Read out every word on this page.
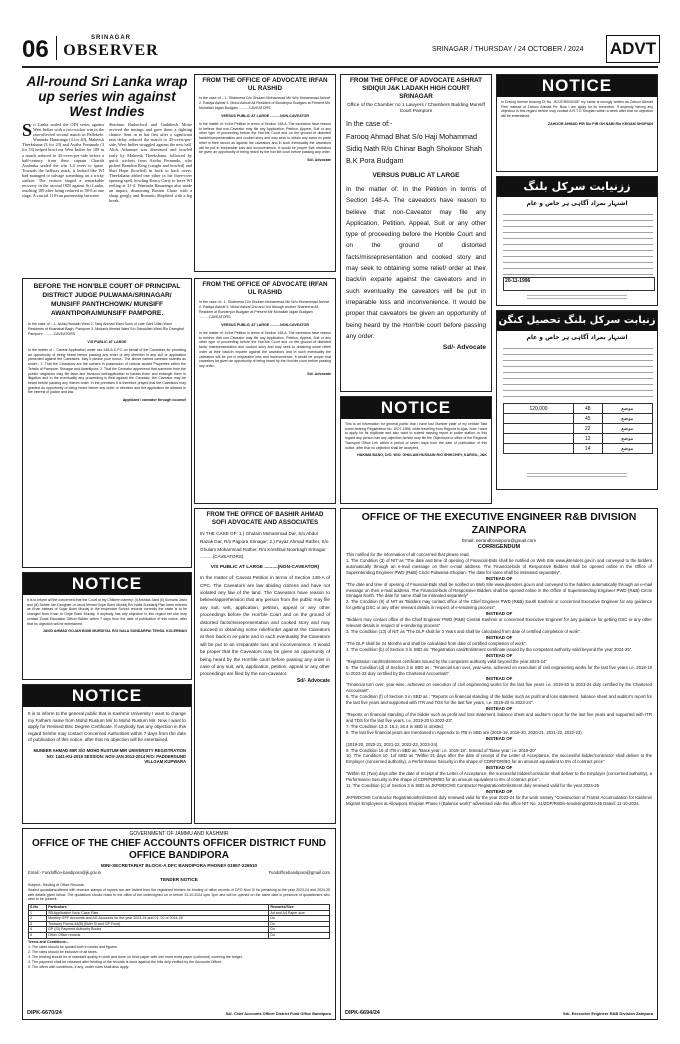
06	SRINAGAR
OBSERVER	SRINAGAR / THURSDAY / 24 OCTOBER / 2024 ADVT
All-round Sri Lanka wrap up series win against West Indies
S ri Lanka sealed the ODI series against West Indies with a two-wicket win in the rain-affected second match in Pallekele. Wanindu Hasaranga (4 for 40), Maheesh Theekshana (3 for 23) and Asitha Fernando (3 for 33) helped bowl out West Indies for 189 in a match reduced to 45-overs-per-side before a half-century from their captain Charith Asalanka sealed the win 3.4 overs to spare. Towards the halfway mark, it looked like WI had managed to salvage something on a tricky surface. The visitors staged a remarkable recovery in the second ODI against Sri Lanka, reaching 189 after being reduced to 58-6 at one stage. A crucial 118-run partnership between
Sherfane Rutherford and Gudakesh Motie revived the innings and gave them a fighting chance. Sent in to bat first after a significant rain delay reduced the match to 45-overs-per-side, West Indies struggled against the new ball. Alick Athanaze was dismissed and bowled early by Maheesh Theekshana, followed by quick wickets from Asitha Fernando, who picked Brandon King (caught and bowled) and Shai Hope (bowled) in back to back overs. Theekshana added one other in his three-over opening spell, bowling Keacy Carty to leave WI reeling at 31-4. Wanindu Hasaranga also made an impact, dismissing Roston Chase with a sharp googly and Romario Shepherd with a leg break.
FROM THE OFFICE OF ADVOCATE IRFAN UL RASHID
In the case of :- 1. Shaheena D/o Ghulam Mohammad Mir W/o Mohammad Ashraf 2. Rabiya Ashraf 3. Mohd Ashraf All Resident of Bunderpur Budgam at Present Mir Mohallah Idgah Budgam ..........CAVEATORS
VERSUS PUBLIC AT LARGE ..........NON-CAVEATOR
In the matter of: In the Petition in terms of Section 148-A. The caveators have reason to believe that non-Caveator may file any Application, Petition, Appeal, Suit or any other type of proceeding before the Hon'ble Court and on the ground of distorted facts/misrepresentation and cooked story and may seek to obtain any some ex parte relief in their favour as against the caveators and in such eventuality the caveators will be put in irreparable loss and inconvenience. It would be proper that caveators be given an opportunity of being heard by the hon'ble court before passing any order.
Sd/- Advocate
FROM THE OFFICE OF ADVOCATE ASHRAT SIDIQUI J&K LADAKH HIGH COURT SRINAGAR
Office of the Chamber no 1 Lawyers / Chambers Building Munsiff Court Pampore
In the case of:-
Farooq Ahmad Bhat S/o Haji Mohammad Sidiq Nath R/o Chinar Bagh Shokoor Shah B.K Pora Budgam
VERSUS PUBLIC AT LARGE
In the matter of: In the Petition in terms of Section 148-A. The caveators have reason to believe that non-Caveator may file any Application, Petition, Appeal, Suit or any other type of proceeding before the Honble Court and on the ground of distorted facts/misrepresentation and cooked story and may seek to obtaining some relief/ order at their back/in exparte against the caveators and in such eventuality the caveators will be put in irreparable loss and inconvenience. It would be proper that caveators be given an opportunity of being heard by the Hon'ble court before passing any order.
Sd/- Advocate
NOTICE
In Driving license bearing DI No. JK22DR0000387 my name is wrongly written as Zahoor Ahmad Peer instead of Zahoor Ahmad Pir. Now I am apply for its correction. If anybody having any objection in this regard he/she may contact A.R.T.O Shopian within a week after that no objection will be entertained.
ZAHOOR AHMAD PIR S/o PIR GH NABI R/o KEGAM SHOPIAN
ززنیابت سرکل بلنگ
اشتہار بمراد آگاہی ہر خاص و عام
20-11-1996
زنیابت سرکل بلنگ تحصیل کنگن
اشتہار بمراد آگاہی ہر خاص و عام
120,000	48	موضع
	45	موضع
	22	موضع
	12	موضع
	14	موضع
BEFORE THE HON'BLE COURT OF PRINCIPAL DISTRICT JUDGE PULWAMA/SRINAGAR/ MUNSIFF PANTHCHOWK/ MUNSIFF AWANTIPORA/MUNSIFF PAMPORE.
In the case of :- 1. Ashiq Hussain Wani 2. Tariq Ahmad Wani Sons of Late Gani Ullah Wani Residents of Khanabal Bagh, Pampore 3. Mudasir Ahmad Wani S/o Sanaullah Wani R/o Drangbal Pampore ..........CAVEATORS
V/S PUBLIC AT LARGE
In the matter of :- Caveat Application under sec-148-A C.P.C on behalf of the Caveators for providing an opportunity of being heard before passing any order or any direction in any suit or application presented against the Caveators. May it please your honor:- The above named caveator submits as under:- 1. That the Caveators are the owners in possession of various landed Properties within the Tehsils of Pampore, Srinagar and Awantipora. 2. That the Caveator apprehend that someone from the public/ neighbors may file false and frivolous suit/application to harass them and entangle them in litigation and in the eventuality any proceeding is filed against the Caveator, the Caveator may be heard before passing any interim order. In the premises it is therefore prayed that the Caveators may granted an opportunity of being heard before any order or direction and the application be allowed in the interest of justice and law.
Applicant / caveator through counsel
FROM THE OFFICE OF ADVOCATE IRFAN UL RASHID
In the case of:- 1. Shaheena D/o Ghulam Mohammad Mir W/o Mohammad Ashraf 2. Rabiya Ashraf 3. Mohd Ashraf 2nd and 3rd through mother Shaheena All Resident of Bunderpur Budgam at Present Mir Mohallah Idgah Budgam ..........CAVEATORS
VERSUS PUBLIC AT LARGE ..........NON-CAVEATOR
In the matter of: In the Petition in terms of Section 148-A. The caveators have reason to believe that non-Caveator may file any Application, Petition, Appeal, Suit or any other type of proceeding before the Hon'ble Court and on the ground of distorted facts/ misrepresentation and cooked story and may seek to obtaining some relief/ order at their back/in exparte against the caveators and in such eventuality the caveators will be put in irreparable loss and inconvenience. It would be proper that caveators be given an opportunity of being heard by the Hon'ble court before passing any order.
Sd/- Advocate
NOTICE
This is an information for general public that I have lost Number plate of my vehicle Tata sumo bearing Registration No. JK07-1896, while traveling from Rajpora to Ajas. Now I want to apply for its duplicate and also want to submit missing report in police station, in this regard any person has any objection he/she may file the Objections in office of the Regional Transport Office Leh within a period of seven days from the date of publication of this notice, after that no objection shall be accepted.
HAKIMA BANO, D/O. W/O. GHULAM HUSSAIN R/O SHIKCHEY, KARGIL, J&K
FROM THE OFFICE OF BASHIR AHMAD SOFI ADVOCATE AND ASSOCIATES
IN THE CASE OF: 1.) Ghulam Mohammad Dar, S/o Abdul Razak Dar, R/o Pajpora Srinagar; 2.) Fayaz Ahmad Rather, S/o Ghulam Mohammad Rather, R/o Kreshbal Noorbagh Srinagar ..........(CAVEATORS)
V/S PUBLIC AT LARGE ..........(NON-CAVEATOR)
In the matter of: Caveat Petition in terms of Section 148-A of CPC. The Caveators are law abiding citizens and have not violated any law of the land. The Caveators have reason to believe/apprehension that any person from the public may file any suit, writ, application, petition, appeal or any other proceedings before the Hon'ble Court and on the ground of distorted facts/misrepresentation and cooked story and may succeed in obtaining some relief/order against the Caveators at their back in ex-parte and in such eventuality the Caveators will be put to an irreparable loss and inconvenience. It would be proper that the Caveators may be given an opportunity of being heard by the Hon'ble court before passing any order in case of any suit, writ, application, petition, appeal or any other proceedings are filed by the non-caveator.
Sd/- Advocate
OFFICE OF THE EXECUTIVE ENGINEER R&B DIVISION ZAINPORA
Email: eerandbzainpora@gmail.com
CORRIGENDUM
This notified for the information of all concerned that please read.
1. The Condition (3) of NIT as "The date and time of opening of Financial-Bids shall be notified on Web Site www.jktenders.gov.in and conveyed to the bidders automatically through an e-mail message on their e-mail address. The Financial-bids of Responsive Bidders shall be opened online in the Office of Superintending Engineer PWD (R&B) Circle Pulwama-Shopian. The date for same shall be intimated separately".
INSTEAD OF
"The date and time of opening of Financial-Bids shall be notified on Web Site www.jktenders.gov.in and conveyed to the bidders automatically through an e-mail message on their e-mail address. The Financial-bids of Responsive Bidders shall be opened online in the Office of Superintending Engineer PWD (R&B) Circle Srinagar North. The date for same shall be intimated separately"
2. The Condition (9) of NIT as "Bidders may contact office of the Chief Engineer PWD (R&B) South Kashmir or concerned Executive Engineer for any guidance for getting DSC or any other relevant details in respect of e-tendering process"
INSTEAD OF
"Bidders may contact office of the Chief Engineer PWD (R&B) Central Kashmir or concerned Executive Engineer for any guidance for getting DSC or any other relevant details in respect of e-tendering process"
3. The Condition (13) of NIT as "The DLP shall be 3 Years and shall be calculated from date of certified completion of work".
INSTEAD OF
"The DLP shall be 24 Months and shall be calculated from date of certified completion of work".
4. The Condition (b) of Section 3 in SBD as: "Registration card/Enlistment certificate issued by the competent authority valid beyond the year 2024-25".
INSTEAD OF
"Registration card/Enlistment certificate issued by the competent authority valid beyond the year 2023-24"
5. The Condition (d) of Section 3 in SBD as : "Financial turn over, year-wise, achieved on execution of civil engineering works for the last five years i.e. 2018-19 to 2022-23 duly certified by the Chartered Accountant".
INSTEAD OF
"Financial turn over, year-wise, achieved on execution of civil engineering works for the last five years i.e. 2019-20 to 2023-24 duly certified by the Chartered Accountant".
6. The Condition (f) of Section 3 in SBD as : "Reports on financial standing of the bidder such as profit and loss statement, balance sheet and auditor's report for the last five years and supported with ITR and TDS for the last five years, I.e. 2019-20 to 2023-24".
INSTEAD OF
"Reports on financial standing of the bidder such as profit and loss statement, balance sheet and auditor's report for the last five years and supported with ITR and TDS for the last five years, I.e. 2019-20 to 2022-23".
7. The Condition 13.3, 16.2, 26.4 in SBD is omitted.
8. The last five financial years are mentioned in Appendix to ITB in SBD are (2018-19, 2019-20, 2020-21, 2021-22, 2022-23)
INSTEAD OF
(2019-20, 2020-21, 2021-22, 2022-23, 2023-24).
9. The Condition 16 of ITB in SBD as: "Base year: i.e. 2018-19". Instead of "Base year: i.e. 2019-20"
10. The Condition 10. 1of SBD as "Within 21 days after the date of receipt of the Letter of Acceptance, the successful bidder/contractor shall deliver to the Employer (concerned authority), a Performance Security in the shape of CDR/FDR/BG for an amount equivalent to 5% of contract price"
INSTEAD OF
"Within 02 (Two) days after the date of receipt of the Letter of Acceptance, the successful bidder/contractor shall deliver to the Employer (concerned authority), a Performance Security in the shape of CDR/FDR/BG for an amount equivalent to 5% of contract price".
11. The Condition (c) of Section 3 in SBD as JKPWDCMS Contractor Registration/Enlistment duly renewed valid for the year 2024-25
INSTEAD OF
JKPWDCMS Contractor Registration/Enlistment duly renewed valid for the year 2023-24 for the work namely "Construction of Transit Accomodation for Kashmiri Migrant Employees at Allowpora Shopian Phase I (Balance work)" advertised vide this office NIT No. 21/ZDP/RnB/e-tendering/2024-25 Dated: 11-10-2024.
DIPK-6694/24	Sd/- Executive Engineer R&B Division Zainpora
NOTICE
It is to inform all the concerned that the Court of my Children namely: (i) Arshida Jand (ii) Sumaira Javid and (iii) Sahee Jan Daughter of Javid Ahmad Gojar Bomi Murdaj R/o Nalla Sundaraj Plan been entered as Khan instead of Gojar Bomi Murdaj in the respective School records correctly the caste is to be changed from Khan to Gojar Bomi Murdaj. If anybody has any objection in this regard he/ she may contact Zonal Education Officer Bidder within 7 days from the date of publication of this notice, after that no objection will be entertained.
JAVID AHMAD GOJAR BOMI MURDIYAL R/O NALA SUNDARPAI TEHSIL KOLERMAG
NOTICE
It is to inform to the general public that in Kashmir University I want to change my Fathers name from Mohd Rustum Mir to Mohd Rustum Mir. Now I want to apply for Revised BSc Degree Certificate. If anybody has any objection in this regard he/she may contact Concerned Authorities within 7 days from the date of publication of this notice, after that no objection will be entertained.
MUNEER AHMAD MIR S/O MOHD RUSTUM MIR UNIVERSITY REGISTRATION NO: 1441-KU-2019 SESSION: NOV-JAN 2013-2014 R/O: PADDERGUND VILLGAM KUPWARA
GOVERNMENT OF JAMMU AND KASHMIR
OFFICE OF THE CHIEF ACCOUNTS OFFICER DISTRICT FUND OFFICE BANDIPORA
MINI-SECRETARIAT BLOCK-A DFC BANDIPORA PHONE# 01957-226510
Email:- Fundoffice-bandipora@jk.gov.in	Fundofficebandipora@gmail.com
TENDER NOTICE
Subject:- Binding of Office Records.
Sealed quotations/offered with revenue stamps of rupees two are invited from the registered binders for binding of office records of DFO Nos/ 0/ for pertaining to the year 2023-24 and 2024-25 with details given below. The quotations should reach to the office of the undersigned on or before 31-10-2024 upto 2pm and will be opened on the same date in presence of quotationers who wish to be present.
S.No	Particulars	Remarks/Size
1	SB Application No's/ Case Files	Ad and A4 Paper size
2	Monthly GPF Accounts and AG Accounts for the year 2023-24 and 01, 02 of 2024-25	Do
3	Treasury Forms 44(B) (Both Si and GP Fund)	Do
4	GP (SI) Payment Authority Books	Do
5	Other Office records	Do
Terms and Conditions:-
1. The rates should be quoted both in words and figures.
2. The rates should be inclusive of all taxes.
3. The binding should be of standard quality in cloth and done on thick paper with one more extra paper (colloured) covering the ledger.
4. The payment shall be released after binding of the records is done against the bills duly verified by the Accounts Officer.
5. The offers with conditions, if any, under rules shall also apply.
DIPK-6670/24	Sd/- Chief Accounts Officer District Fund Office Bandipora
